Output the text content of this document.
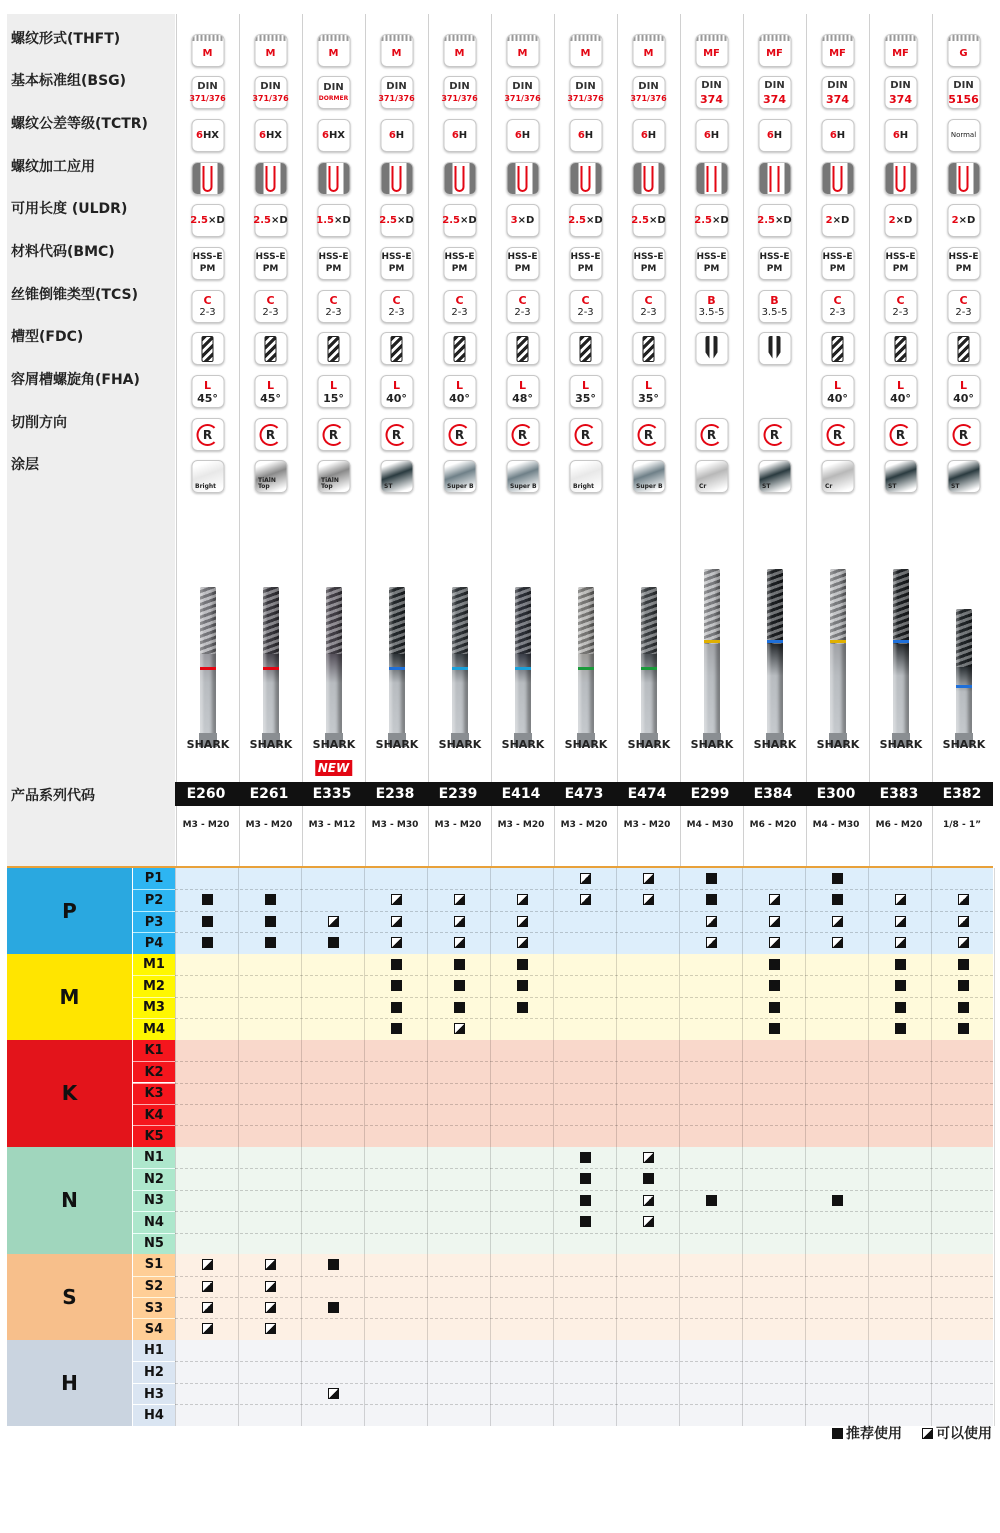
螺纹形式(THFT)
基本标准组(BSG)
螺纹公差等级(TCTR)
螺纹加工应用
可用长度 (ULDR)
材料代码(BMC)
丝锥倒锥类型(TCS)
槽型(FDC)
容屑槽螺旋角(FHA)
切削方向
涂层
产品系列代码
M
DIN
371/376
6HX
2.5×D
HSS-E
PM
C
2-3
L
45°
R
Bright
SHARK
M
DIN
371/376
6HX
2.5×D
HSS-E
PM
C
2-3
L
45°
R
TiAlN Top
SHARK
M
DIN
DORMER
6HX
1.5×D
HSS-E
PM
C
2-3
L
15°
R
TiAlN Top
SHARK
NEW
M
DIN
371/376
6H
2.5×D
HSS-E
PM
C
2-3
L
40°
R
ST
SHARK
M
DIN
371/376
6H
2.5×D
HSS-E
PM
C
2-3
L
40°
R
Super B
SHARK
M
DIN
371/376
6H
3×D
HSS-E
PM
C
2-3
L
48°
R
Super B
SHARK
M
DIN
371/376
6H
2.5×D
HSS-E
PM
C
2-3
L
35°
R
Bright
SHARK
M
DIN
371/376
6H
2.5×D
HSS-E
PM
C
2-3
L
35°
R
Super B
SHARK
MF
DIN
374
6H
2.5×D
HSS-E
PM
B
3.5-5
R
Cr
SHARK
MF
DIN
374
6H
2.5×D
HSS-E
PM
B
3.5-5
R
ST
SHARK
MF
DIN
374
6H
2×D
HSS-E
PM
C
2-3
L
40°
R
Cr
SHARK
MF
DIN
374
6H
2×D
HSS-E
PM
C
2-3
L
40°
R
ST
SHARK
G
DIN
5156
Normal
2×D
HSS-E
PM
C
2-3
L
40°
R
ST
SHARK
E260
M3 - M20
E261
M3 - M20
E335
M3 - M12
E238
M3 - M30
E239
M3 - M20
E414
M3 - M20
E473
M3 - M20
E474
M3 - M20
E299
M4 - M30
E384
M6 - M20
E300
M4 - M30
E383
M6 - M20
E382
1/8 - 1”
P
P1
P2
P3
P4
M
M1
M2
M3
M4
K
K1
K2
K3
K4
K5
N
N1
N2
N3
N4
N5
S
S1
S2
S3
S4
H
H1
H2
H3
H4
推荐使用 可以使用
